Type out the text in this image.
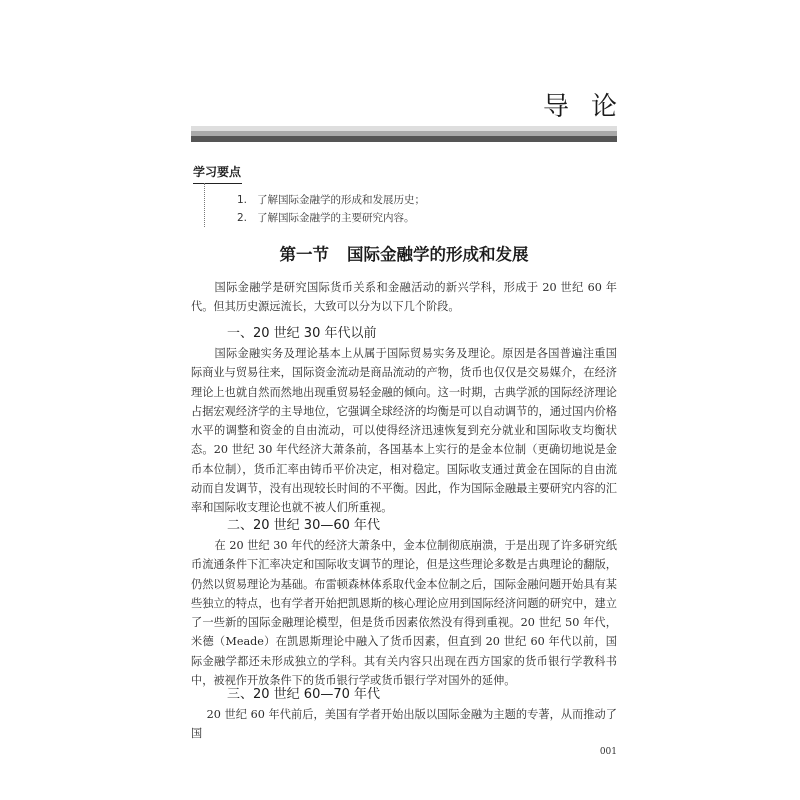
导论
学习要点
1. 了解国际金融学的形成和发展历史；
2. 了解国际金融学的主要研究内容。
第一节 国际金融学的形成和发展

国际金融学是研究国际货币关系和金融活动的新兴学科，形成于 20 世纪 60 年代。但其历史源远流长，大致可以分为以下几个阶段。

一、20 世纪 30 年代以前

国际金融实务及理论基本上从属于国际贸易实务及理论。原因是各国普遍注重国际商业与贸易往来，国际资金流动是商品流动的产物，货币也仅仅是交易媒介，在经济理论上也就自然而然地出现重贸易轻金融的倾向。这一时期，古典学派的国际经济理论占据宏观经济学的主导地位，它强调全球经济的均衡是可以自动调节的，通过国内价格水平的调整和资金的自由流动，可以使得经济迅速恢复到充分就业和国际收支均衡状态。20 世纪 30 年代经济大萧条前，各国基本上实行的是金本位制（更确切地说是金币本位制），货币汇率由铸币平价决定，相对稳定。国际收支通过黄金在国际的自由流动而自发调节，没有出现较长时间的不平衡。因此，作为国际金融最主要研究内容的汇率和国际收支理论也就不被人们所重视。

二、20 世纪 30—60 年代

在 20 世纪 30 年代的经济大萧条中，金本位制彻底崩溃，于是出现了许多研究纸币流通条件下汇率决定和国际收支调节的理论，但是这些理论多数是古典理论的翻版，仍然以贸易理论为基础。布雷顿森林体系取代金本位制之后，国际金融问题开始具有某些独立的特点，也有学者开始把凯恩斯的核心理论应用到国际经济问题的研究中，建立了一些新的国际金融理论模型，但是货币因素依然没有得到重视。20 世纪 50 年代，米德（Meade）在凯恩斯理论中融入了货币因素，但直到 20 世纪 60 年代以前，国际金融学都还未形成独立的学科。其有关内容只出现在西方国家的货币银行学教科书中，被视作开放条件下的货币银行学或货币银行学对国外的延伸。

三、20 世纪 60—70 年代

20 世纪 60 年代前后，美国有学者开始出版以国际金融为主题的专著，从而推动了国

001
